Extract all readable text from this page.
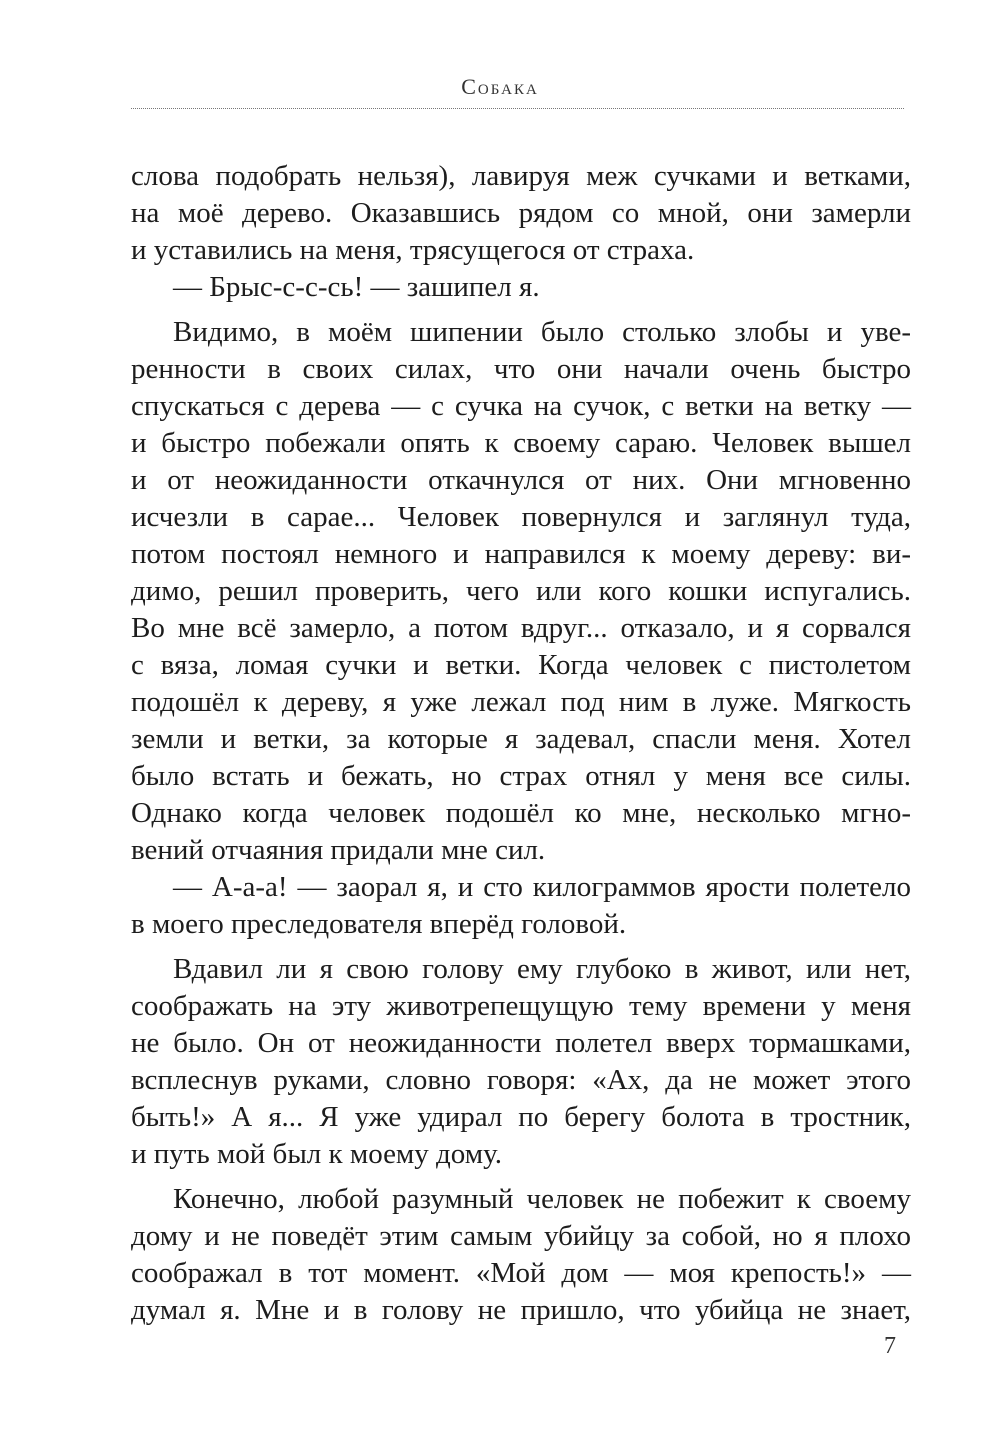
Собака
слова подобрать нельзя), лавируя меж сучками и ветками,
на моё дерево. Оказавшись рядом со мной, они замерли
и уставились на меня, трясущегося от страха.
— Брыс-с-с-сь! — зашипел я.
Видимо, в моём шипении было столько злобы и уве-
ренности в своих силах, что они начали очень быстро
спускаться с дерева — с сучка на сучок, с ветки на ветку —
и быстро побежали опять к своему сараю. Человек вышел
и от неожиданности откачнулся от них. Они мгновенно
исчезли в сарае... Человек повернулся и заглянул туда,
потом постоял немного и направился к моему дереву: ви-
димо, решил проверить, чего или кого кошки испугались.
Во мне всё замерло, а потом вдруг... отказало, и я сорвался
с вяза, ломая сучки и ветки. Когда человек с пистолетом
подошёл к дереву, я уже лежал под ним в луже. Мягкость
земли и ветки, за которые я задевал, спасли меня. Хотел
было встать и бежать, но страх отнял у меня все силы.
Однако когда человек подошёл ко мне, несколько мгно-
вений отчаяния придали мне сил.
— А-а-а! — заорал я, и сто килограммов ярости полетело
в моего преследователя вперёд головой.
Вдавил ли я свою голову ему глубоко в живот, или нет,
соображать на эту животрепещущую тему времени у меня
не было. Он от неожиданности полетел вверх тормашками,
всплеснув руками, словно говоря: «Ах, да не может этого
быть!» А я... Я уже удирал по берегу болота в тростник,
и путь мой был к моему дому.
Конечно, любой разумный человек не побежит к своему
дому и не поведёт этим самым убийцу за собой, но я плохо
соображал в тот момент. «Мой дом — моя крепость!» —
думал я. Мне и в голову не пришло, что убийца не знает,
7
